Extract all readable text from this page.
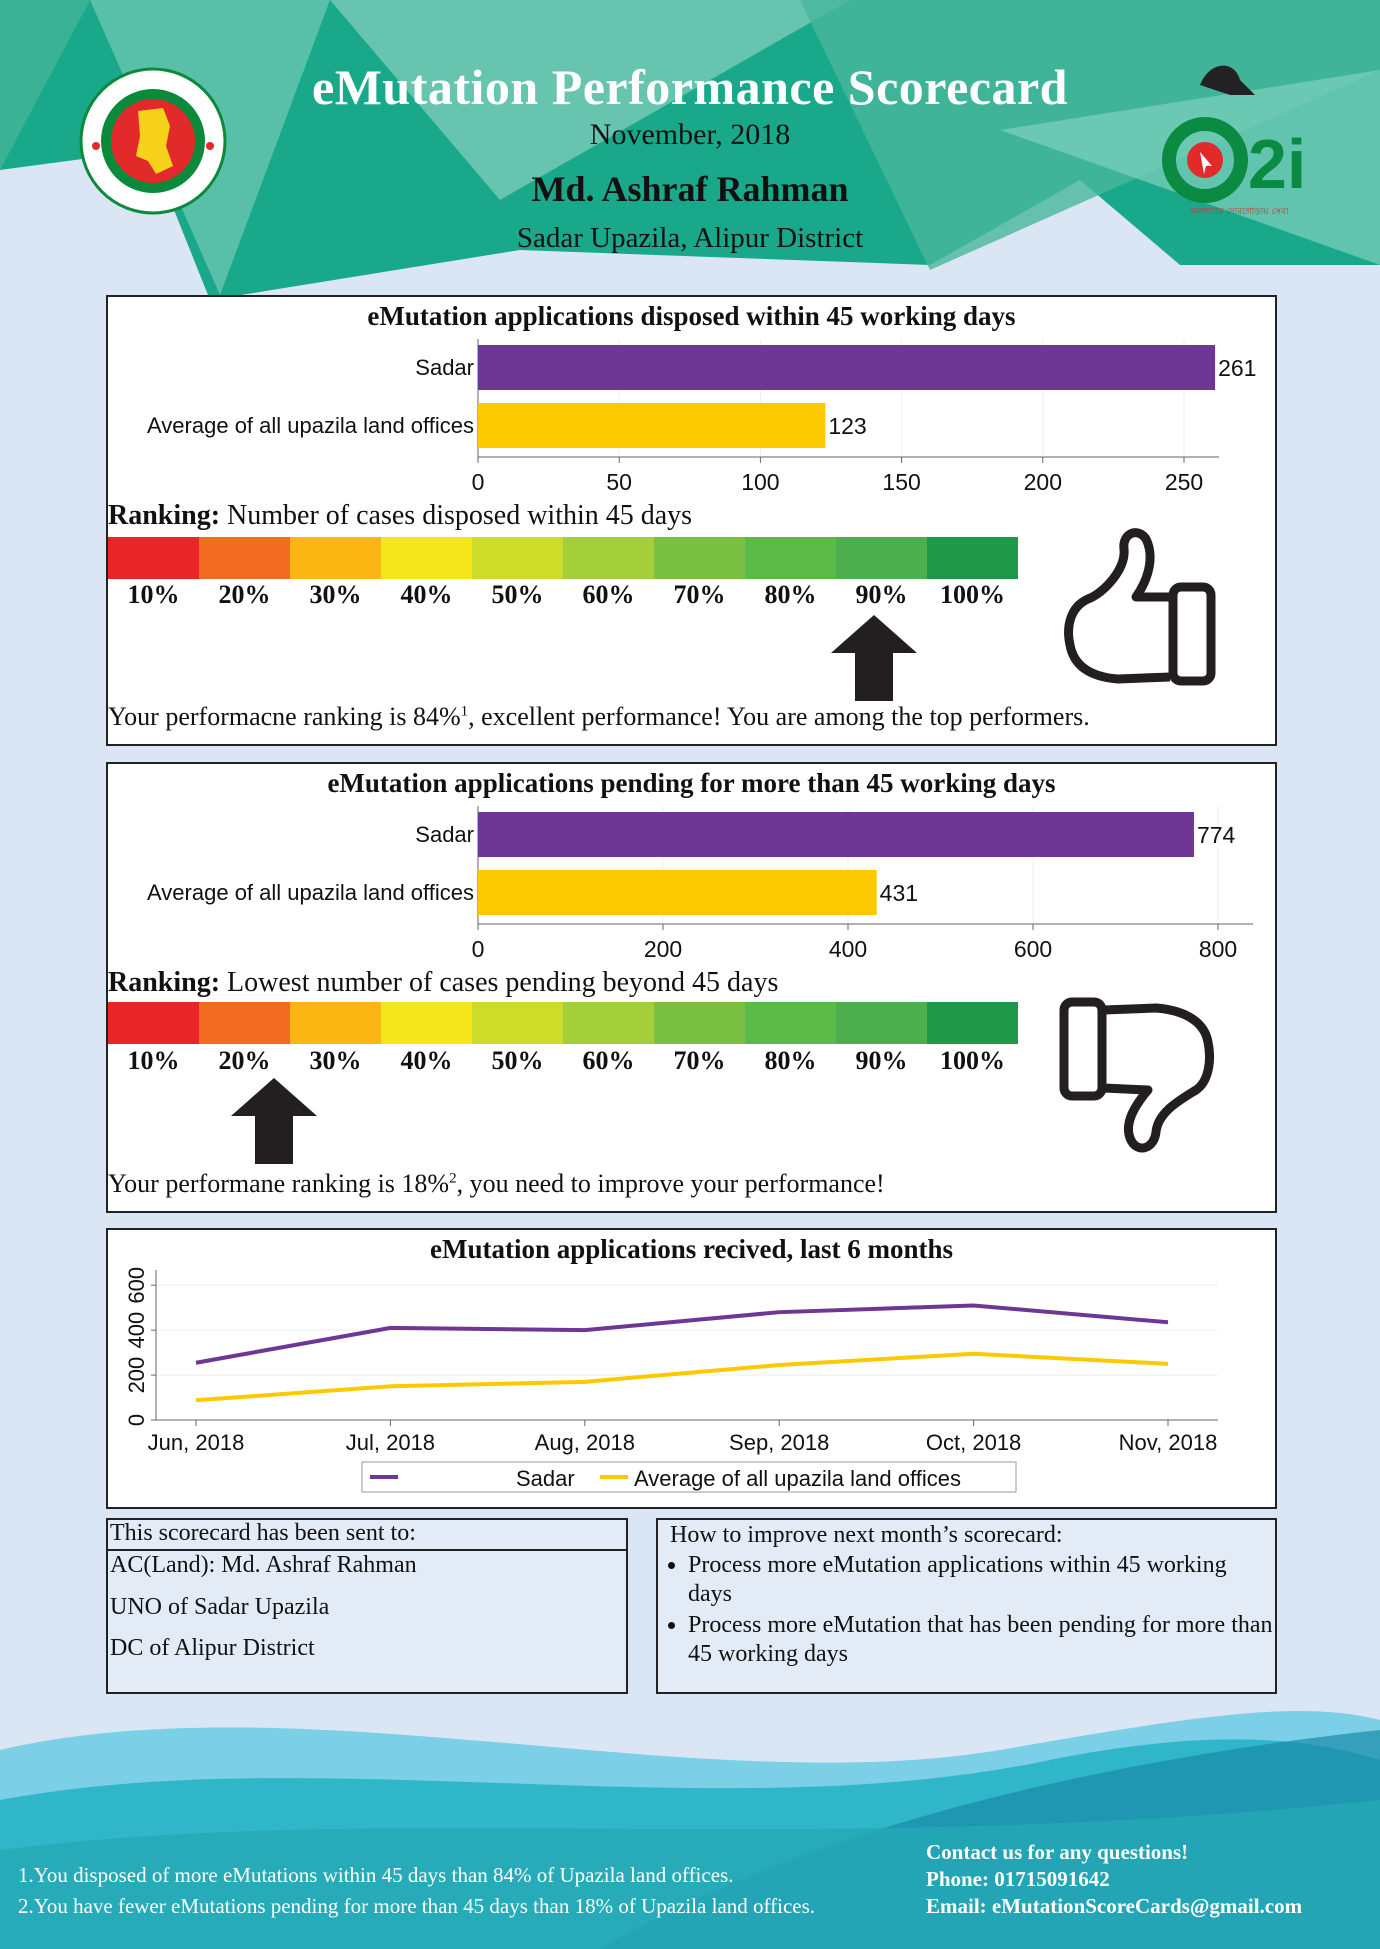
2i
জনগণের দোরগোড়ায় সেবা
eMutation Performance Scorecard
November, 2018
Md. Ashraf Rahman
Sadar Upazila, Alipur District
eMutation applications disposed within 45 working days
0	50	100	150	200	250
Sadar	261
Average of all upazila land offices	123
Ranking: Number of cases disposed within 45 days
10%	20%	30%	40%	50%	60%	70%	80%	90%	100%
Your performacne ranking is 84%$^1$, excellent performance! You are among the top performers.
eMutation applications pending for more than 45 working days
0	200	400	600	800
Sadar	774
Average of all upazila land offices	431
Ranking: Lowest number of cases pending beyond 45 days
10%	20%	30%	40%	50%	60%	70%	80%	90%	100%
Your performane ranking is 18%$^2$, you need to improve your performance!
eMutation applications recived, last 6 months
0
200
400
600
Jun, 2018	Jul, 2018	Aug, 2018	Sep, 2018	Oct, 2018	Nov, 2018
Sadar	Average of all upazila land offices
This scorecard has been sent to:
AC(Land): Md. Ashraf Rahman
UNO of Sadar Upazila
DC of Alipur District
How to improve next month’s scorecard:
• Process more eMutation applications within 45 working days
• Process more eMutation that has been pending for more than 45 working days
1.You disposed of more eMutations within 45 days than 84% of Upazila land offices.
2.You have fewer eMutations pending for more than 45 days than 18% of Upazila land offices.
Contact us for any questions!
Phone: 01715091642
Email: eMutationScoreCards@gmail.com
